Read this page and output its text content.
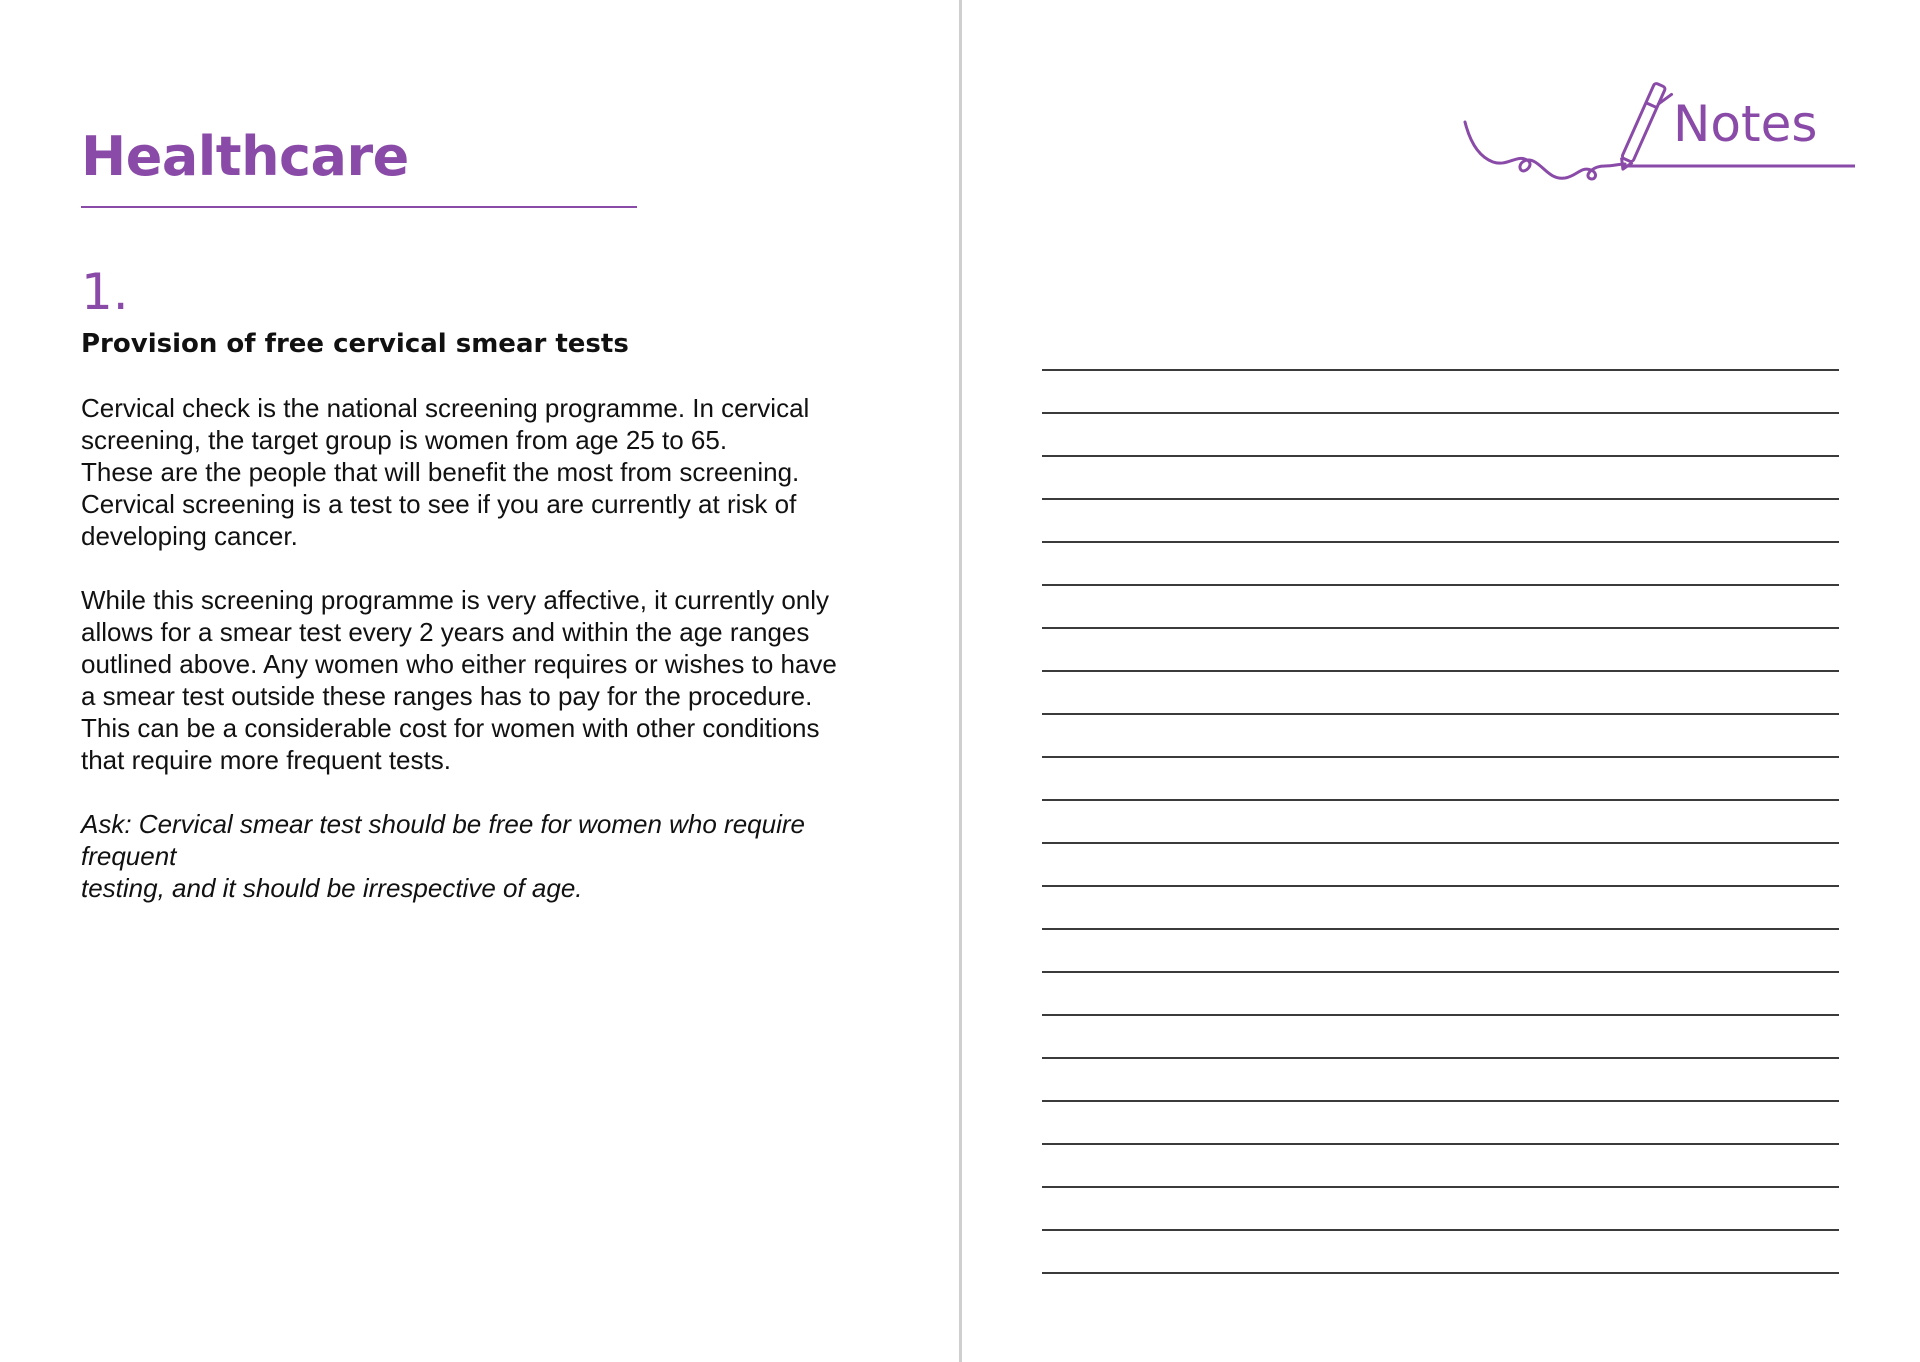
Healthcare
1.
Provision of free cervical smear tests

Cervical check is the national screening programme. In cervical
screening, the target group is women from age 25 to 65.
These are the people that will benefit the most from screening.
Cervical screening is a test to see if you are currently at risk of
developing cancer.

While this screening programme is very affective, it currently only
allows for a smear test every 2 years and within the age ranges
outlined above. Any women who either requires or wishes to have
a smear test outside these ranges has to pay for the procedure.
This can be a considerable cost for women with other conditions
that require more frequent tests.

Ask: Cervical smear test should be free for women who require frequent
testing, and it should be irrespective of age.

Notes
